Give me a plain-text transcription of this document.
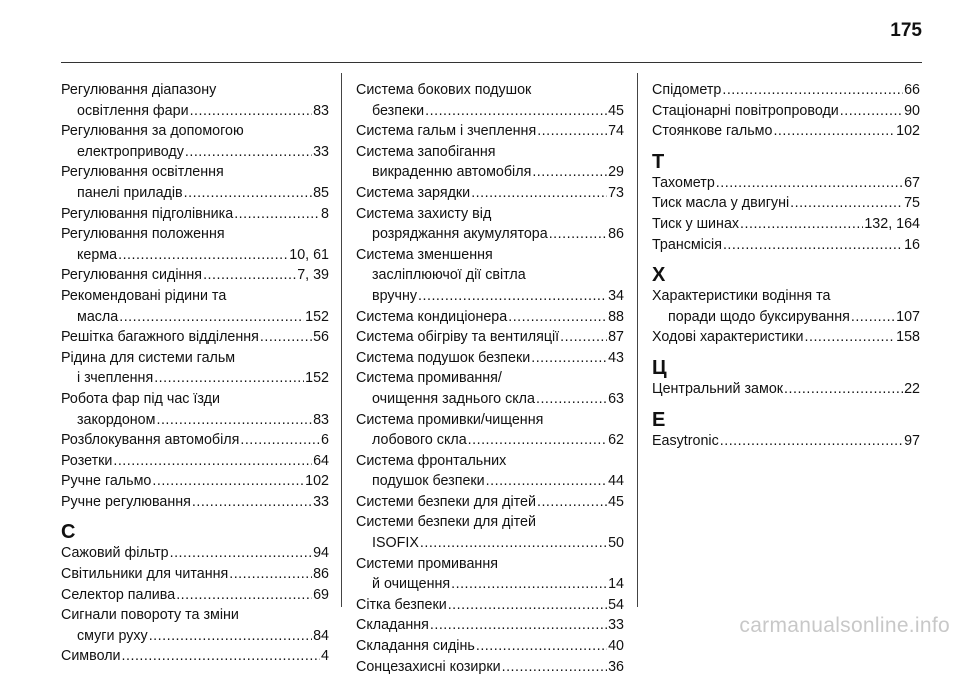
175
Регулювання діапазону
освітлення фари .....	83
Регулювання за допомогою
електроприводу .....	33
Регулювання освітлення
панелі приладів .....	85
Регулювання підголівника .....	8
Регулювання положення
керма .....	10, 61
Регулювання сидіння .....	7, 39
Рекомендовані рідини та
масла .....	152
Решітка багажного відділення .....	56
Рідина для системи гальм
і зчеплення .....	152
Робота фар під час їзди
закордоном .....	83
Розблокування автомобіля .....	6
Розетки .....	64
Ручне гальмо .....	102
Ручне регулювання .....	33
С
Сажовий фільтр .....	94
Світильники для читання .....	86
Селектор палива .....	69
Сигнали повороту та зміни
смуги руху .....	84
Символи .....	4
Система бокових подушок
безпеки .....	45
Система гальм і зчеплення .....	74
Система запобігання
викраденню автомобіля .....	29
Система зарядки .....	73
Система захисту від
розряджання акумулятора .....	86
Система зменшення
засліплюючої дії світла
вручну .....	34
Система кондиціонера .....	88
Система обігріву та вентиляції .....	87
Система подушок безпеки .....	43
Система промивання/
очищення заднього скла .....	63
Система промивки/чищення
лобового скла .....	62
Система фронтальних
подушок безпеки .....	44
Системи безпеки для дітей .....	45
Системи безпеки для дітей
ISOFIX .....	50
Системи промивання
й очищення .....	14
Сітка безпеки .....	54
Складання .....	33
Складання сидінь .....	40
Сонцезахисні козирки .....	36
Спідометр .....	66
Стаціонарні повітропроводи .....	90
Стоянкове гальмо .....	102
Т
Тахометр .....	67
Тиск масла у двигуні .....	75
Тиск у шинах .....	132, 164
Трансмісія .....	16
Х
Характеристики водіння та
поради щодо буксирування .....	107
Ходові характеристики .....	158
Ц
Центральний замок .....	22
E
Easytronic .....	97
carmanualsonline.info
